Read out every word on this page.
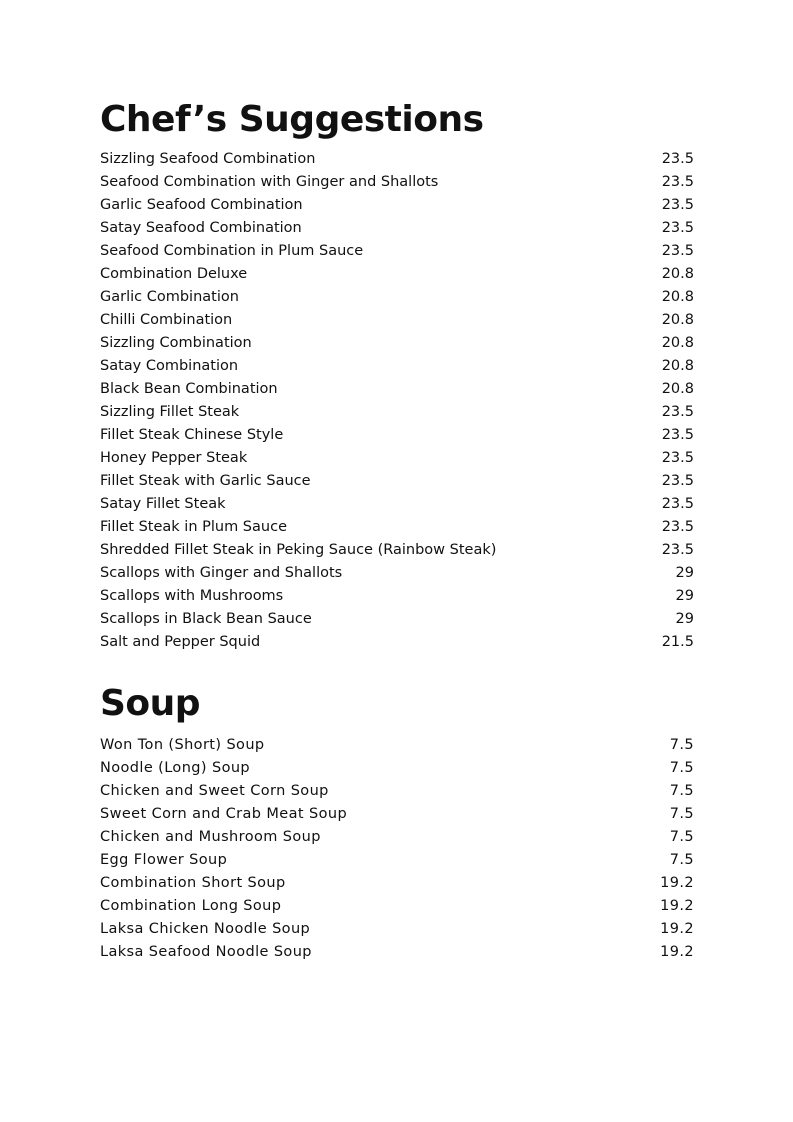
Chef’s Suggestions
Sizzling Seafood Combination	23.5
Seafood Combination with Ginger and Shallots	23.5
Garlic Seafood Combination	23.5
Satay Seafood Combination	23.5
Seafood Combination in Plum Sauce	23.5
Combination Deluxe	20.8
Garlic Combination	20.8
Chilli Combination	20.8
Sizzling Combination	20.8
Satay Combination	20.8
Black Bean Combination	20.8
Sizzling Fillet Steak	23.5
Fillet Steak Chinese Style	23.5
Honey Pepper Steak	23.5
Fillet Steak with Garlic Sauce	23.5
Satay Fillet Steak	23.5
Fillet Steak in Plum Sauce	23.5
Shredded Fillet Steak in Peking Sauce (Rainbow Steak)	23.5
Scallops with Ginger and Shallots	29
Scallops with Mushrooms	29
Scallops in Black Bean Sauce	29
Salt and Pepper Squid	21.5
Soup
Won Ton (Short) Soup	7.5
Noodle (Long) Soup	7.5
Chicken and Sweet Corn Soup	7.5
Sweet Corn and Crab Meat Soup	7.5
Chicken and Mushroom Soup	7.5
Egg Flower Soup	7.5
Combination Short Soup	19.2
Combination Long Soup	19.2
Laksa Chicken Noodle Soup	19.2
Laksa Seafood Noodle Soup	19.2
